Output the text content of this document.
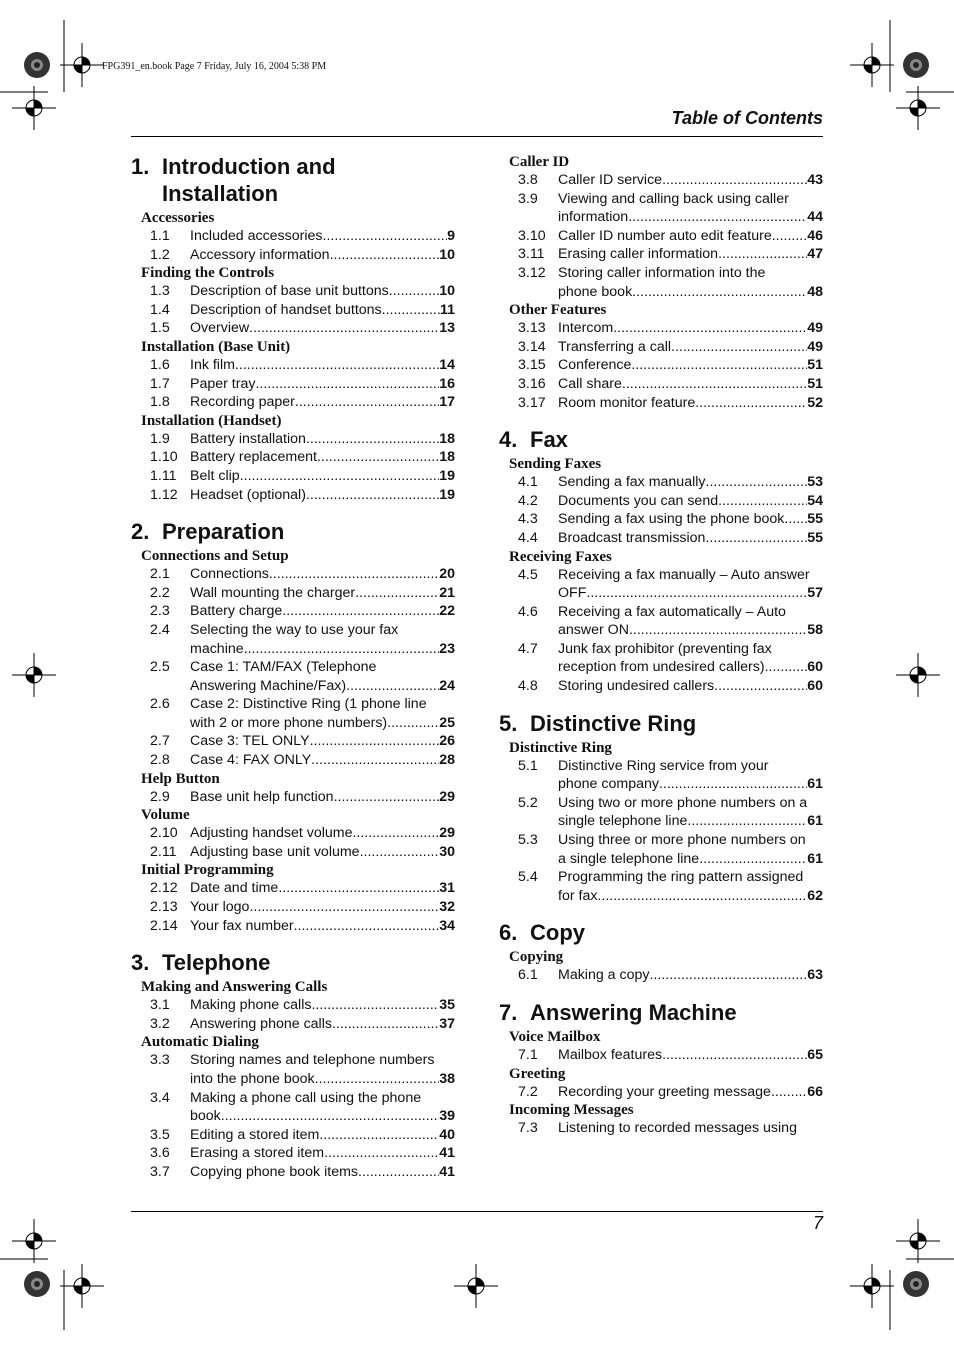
FPG391_en.book Page 7 Friday, July 16, 2004 5:38 PM
Table of Contents
1. Introduction and
Installation
Accessories
1.1	Included accessories .....	9
1.2	Accessory information .....	10
Finding the Controls
1.3	Description of base unit buttons .....	10
1.4	Description of handset buttons .....	11
1.5	Overview .....	13
Installation (Base Unit)
1.6	Ink film .....	14
1.7	Paper tray .....	16
1.8	Recording paper .....	17
Installation (Handset)
1.9	Battery installation .....	18
1.10 Battery replacement .....	18
1.11 Belt clip .....	19
1.12 Headset (optional) .....	19
2. Preparation
Connections and Setup
2.1	Connections .....	20
2.2	Wall mounting the charger .....	21
2.3	Battery charge .....	22
2.4	Selecting the way to use your fax
machine .....	23
2.5	Case 1: TAM/FAX (Telephone
Answering Machine/Fax) .....	24
2.6	Case 2: Distinctive Ring (1 phone line
with 2 or more phone numbers) .....	25
2.7	Case 3: TEL ONLY .....	26
2.8	Case 4: FAX ONLY .....	28
Help Button
2.9	Base unit help function .....	29
Volume
2.10 Adjusting handset volume .....	29
2.11 Adjusting base unit volume .....	30
Initial Programming
2.12 Date and time .....	31
2.13 Your logo .....	32
2.14 Your fax number .....	34
3. Telephone
Making and Answering Calls
3.1	Making phone calls .....	35
3.2	Answering phone calls .....	37
Automatic Dialing
3.3	Storing names and telephone numbers
into the phone book .....	38
3.4	Making a phone call using the phone
book .....	39
3.5	Editing a stored item .....	40
3.6	Erasing a stored item .....	41
3.7	Copying phone book items .....	41
Caller ID
3.8	Caller ID service .....	43
3.9	Viewing and calling back using caller
information .....	44
3.10 Caller ID number auto edit feature .....	46
3.11 Erasing caller information .....	47
3.12 Storing caller information into the
phone book .....	48
Other Features
3.13 Intercom .....	49
3.14 Transferring a call .....	49
3.15 Conference .....	51
3.16 Call share .....	51
3.17 Room monitor feature .....	52
4. Fax
Sending Faxes
4.1	Sending a fax manually .....	53
4.2	Documents you can send .....	54
4.3	Sending a fax using the phone book ..... 55
4.4	Broadcast transmission .....	55
Receiving Faxes
4.5	Receiving a fax manually – Auto answer
OFF .....	57
4.6	Receiving a fax automatically – Auto
answer ON .....	58
4.7	Junk fax prohibitor (preventing fax
reception from undesired callers) .....	60
4.8	Storing undesired callers .....	60
5. Distinctive Ring
Distinctive Ring
5.1	Distinctive Ring service from your
phone company .....	61
5.2	Using two or more phone numbers on a
single telephone line .....	61
5.3	Using three or more phone numbers on
a single telephone line .....	61
5.4	Programming the ring pattern assigned
for fax .....	62
6. Copy
Copying
6.1	Making a copy .....	63
7. Answering Machine
Voice Mailbox
7.1	Mailbox features .....	65
Greeting
7.2	Recording your greeting message .....	66
Incoming Messages
7.3	Listening to recorded messages using
7
